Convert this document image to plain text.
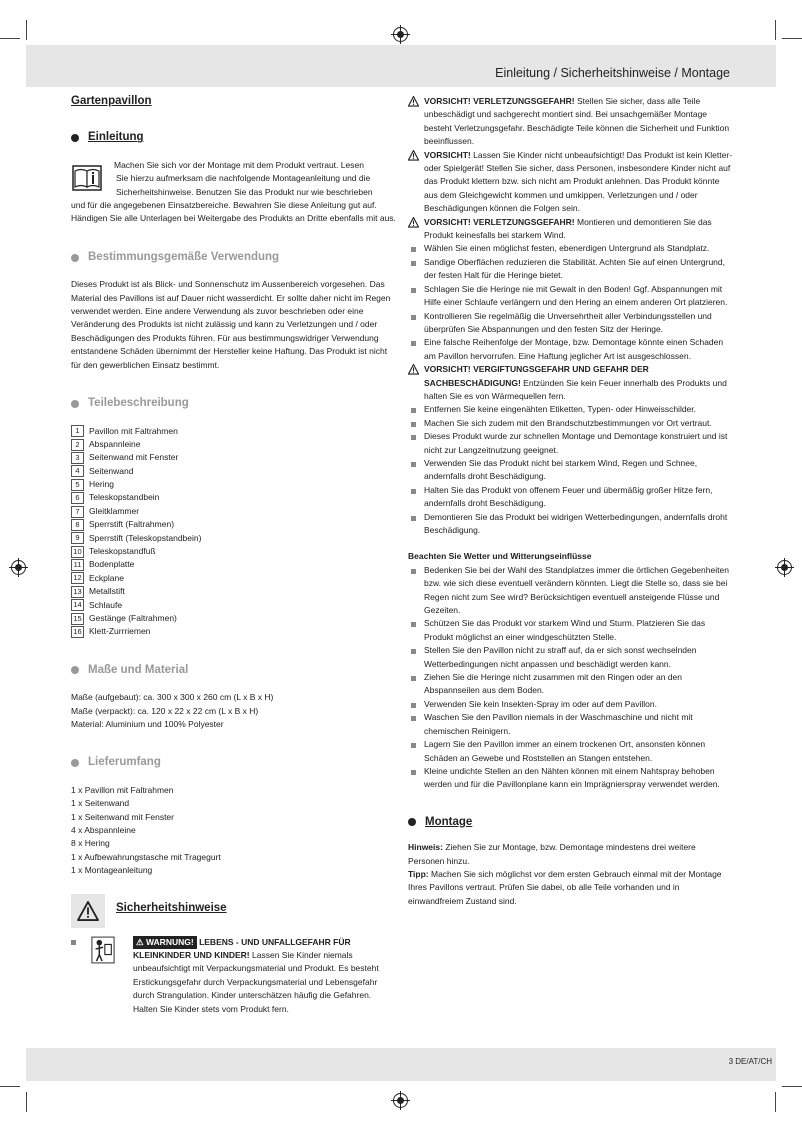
Einleitung / Sicherheitshinweise / Montage
3 DE/AT/CH

Gartenpavillon

Einleitung

Machen Sie sich vor der Montage mit dem Produkt vertraut. Lesen

Sie hierzu aufmerksam die nachfolgende Montageanleitung und die

Sicherheitshinweise. Benutzen Sie das Produkt nur wie beschrieben

und für die angegebenen Einsatzbereiche. Bewahren Sie diese Anleitung gut auf. Händigen Sie alle Unterlagen bei Weitergabe des Produkts an Dritte ebenfalls mit aus.

Bestimmungsgemäße Verwendung

Dieses Produkt ist als Blick- und Sonnenschutz im Aussenbereich vorgesehen. Das Material des Pavillons ist auf Dauer nicht wasserdicht. Er sollte daher nicht im Regen verwendet werden. Eine andere Verwendung als zuvor beschrieben oder eine Veränderung des Produkts ist nicht zulässig und kann zu Verletzungen und / oder Beschädigungen des Produkts führen. Für aus bestimmungswidriger Verwendung entstandene Schäden übernimmt der Hersteller keine Haftung. Das Produkt ist nicht für den gewerblichen Einsatz bestimmt.

Teilebeschreibung
1	Pavillon mit Faltrahmen
2	Abspannleine
3	Seitenwand mit Fenster
4	Seitenwand
5	Hering
6	Teleskopstandbein
7	Gleitklammer
8	Sperrstift (Faltrahmen)
9	Sperrstift (Teleskopstandbein)
10 Teleskopstandfuß
11 Bodenplatte
12 Eckplane
13 Metallstift
14 Schlaufe
15 Gestänge (Faltrahmen)
16 Klett-Zurrriemen
Maße und Material

Maße (aufgebaut): ca. 300 x 300 x 260 cm (L x B x H)

Maße (verpackt): ca. 120 x 22 x 22 cm (L x B x H)

Material: Aluminium und 100% Polyester

Lieferumfang

1 x Pavillon mit Faltrahmen

1 x Seitenwand

1 x Seitenwand mit Fenster

4 x Abspannleine

8 x Hering

1 x Aufbewahrungstasche mit Tragegurt

1 x Montageanleitung

Sicherheitshinweise

⚠ WARNUNG! LEBENS - UND UNFALLGEFAHR FÜR KLEINKINDER UND KINDER! Lassen Sie Kinder niemals unbeaufsichtigt mit Verpackungsmaterial und Produkt. Es besteht Erstickungsgefahr durch Verpackungsmaterial und Lebensgefahr durch Strangulation. Kinder unterschätzen häufig die Gefahren. Halten Sie Kinder stets vom Produkt fern.

VORSICHT! VERLETZUNGSGEFAHR! Stellen Sie sicher, dass alle Teile unbeschädigt und sachgerecht montiert sind. Bei unsachgemäßer Montage besteht Verletzungsgefahr. Beschädigte Teile können die Sicherheit und Funktion beeinflussen.

VORSICHT! Lassen Sie Kinder nicht unbeaufsichtigt! Das Produkt ist kein Kletter- oder Spielgerät! Stellen Sie sicher, dass Personen, insbesondere Kinder nicht auf das Produkt klettern bzw. sich nicht am Produkt anlehnen. Das Produkt könnte aus dem Gleichgewicht kommen und umkippen. Verletzungen und / oder Beschädigungen können die Folgen sein.

VORSICHT! VERLETZUNGSGEFAHR! Montieren und demontieren Sie das Produkt keinesfalls bei starkem Wind.

Wählen Sie einen möglichst festen, ebenerdigen Untergrund als Standplatz.
Sandige Oberflächen reduzieren die Stabilität. Achten Sie auf einen Untergrund, der festen Halt für die Heringe bietet.
Schlagen Sie die Heringe nie mit Gewalt in den Boden! Ggf. Abspannungen mit Hilfe einer Schlaufe verlängern und den Hering an einem anderen Ort platzieren.
Kontrollieren Sie regelmäßig die Unversehrtheit aller Verbindungsstellen und überprüfen Sie Abspannungen und den festen Sitz der Heringe.
Eine falsche Reihenfolge der Montage, bzw. Demontage könnte einen Schaden am Pavillon hervorrufen. Eine Haftung jeglicher Art ist ausgeschlossen.

VORSICHT! VERGIFTUNGSGEFAHR UND GEFAHR DER SACHBESCHÄDIGUNG! Entzünden Sie kein Feuer innerhalb des Produkts und halten Sie es von Wärmequellen fern.

Entfernen Sie keine eingenähten Etiketten, Typen- oder Hinweisschilder.
Machen Sie sich zudem mit den Brandschutzbestimmungen vor Ort vertraut.
Dieses Produkt wurde zur schnellen Montage und Demontage konstruiert und ist nicht zur Langzeitnutzung geeignet.
Verwenden Sie das Produkt nicht bei starkem Wind, Regen und Schnee, andernfalls droht Beschädigung.
Halten Sie das Produkt von offenem Feuer und übermäßig großer Hitze fern, andernfalls droht Beschädigung.
Demontieren Sie das Produkt bei widrigen Wetterbedingungen, andernfalls droht Beschädigung.

Beachten Sie Wetter und Witterungseinflüsse

Bedenken Sie bei der Wahl des Standplatzes immer die örtlichen Gegebenheiten bzw. wie sich diese eventuell verändern könnten. Liegt die Stelle so, dass sie bei Regen nicht zum See wird? Berücksichtigen eventuell ansteigende Flüsse und Gezeiten.
Schützen Sie das Produkt vor starkem Wind und Sturm. Platzieren Sie das Produkt möglichst an einer windgeschützten Stelle.
Stellen Sie den Pavillon nicht zu straff auf, da er sich sonst wechselnden Wetterbedingungen nicht anpassen und beschädigt werden kann.
Ziehen Sie die Heringe nicht zusammen mit den Ringen oder an den Abspannseilen aus dem Boden.
Verwenden Sie kein Insekten-Spray im oder auf dem Pavillon.
Waschen Sie den Pavillon niemals in der Waschmaschine und nicht mit chemischen Reinigern.
Lagern Sie den Pavillon immer an einem trockenen Ort, ansonsten können Schäden an Gewebe und Roststellen an Stangen entstehen.
Kleine undichte Stellen an den Nähten können mit einem Nahtspray behoben werden und für die Pavillonplane kann ein Imprägnierspray verwendet werden.
Montage

Hinweis: Ziehen Sie zur Montage, bzw. Demontage mindestens drei weitere Personen hinzu.

Tipp: Machen Sie sich möglichst vor dem ersten Gebrauch einmal mit der Montage Ihres Pavillons vertraut. Prüfen Sie dabei, ob alle Teile vorhanden und in einwandfreiem Zustand sind.
